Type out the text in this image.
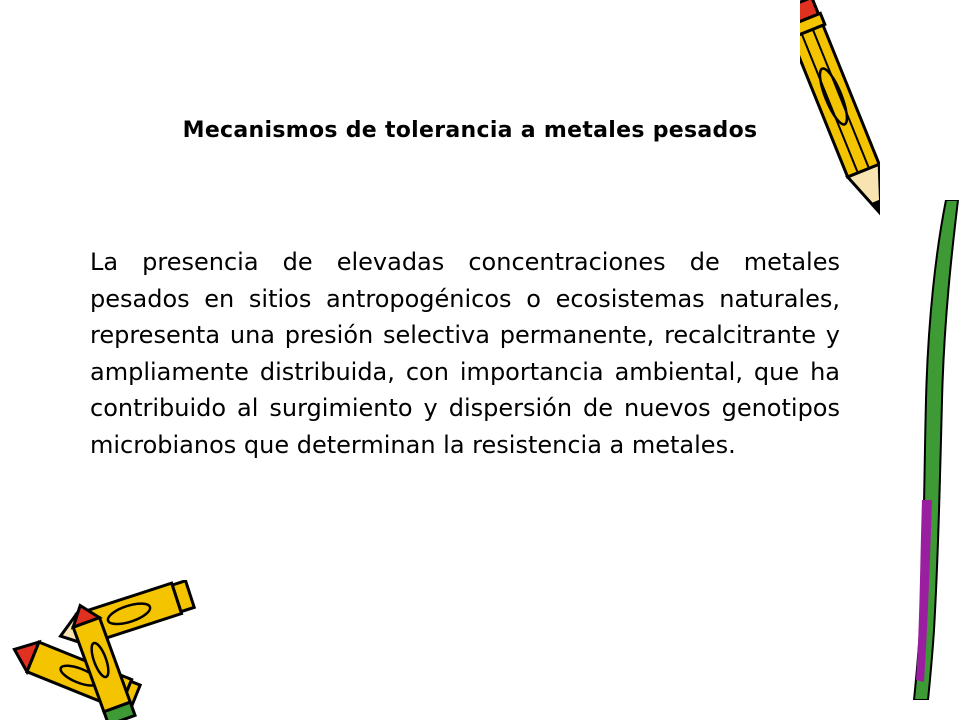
Mecanismos de tolerancia a metales pesados
La presencia de elevadas concentraciones de metales pesados en sitios antropogénicos o ecosistemas naturales, representa una presión selectiva permanente, recalcitrante y ampliamente distribuida, con importancia ambiental, que ha contribuido al surgimiento y dispersión de nuevos genotipos microbianos que determinan la resistencia a metales.
